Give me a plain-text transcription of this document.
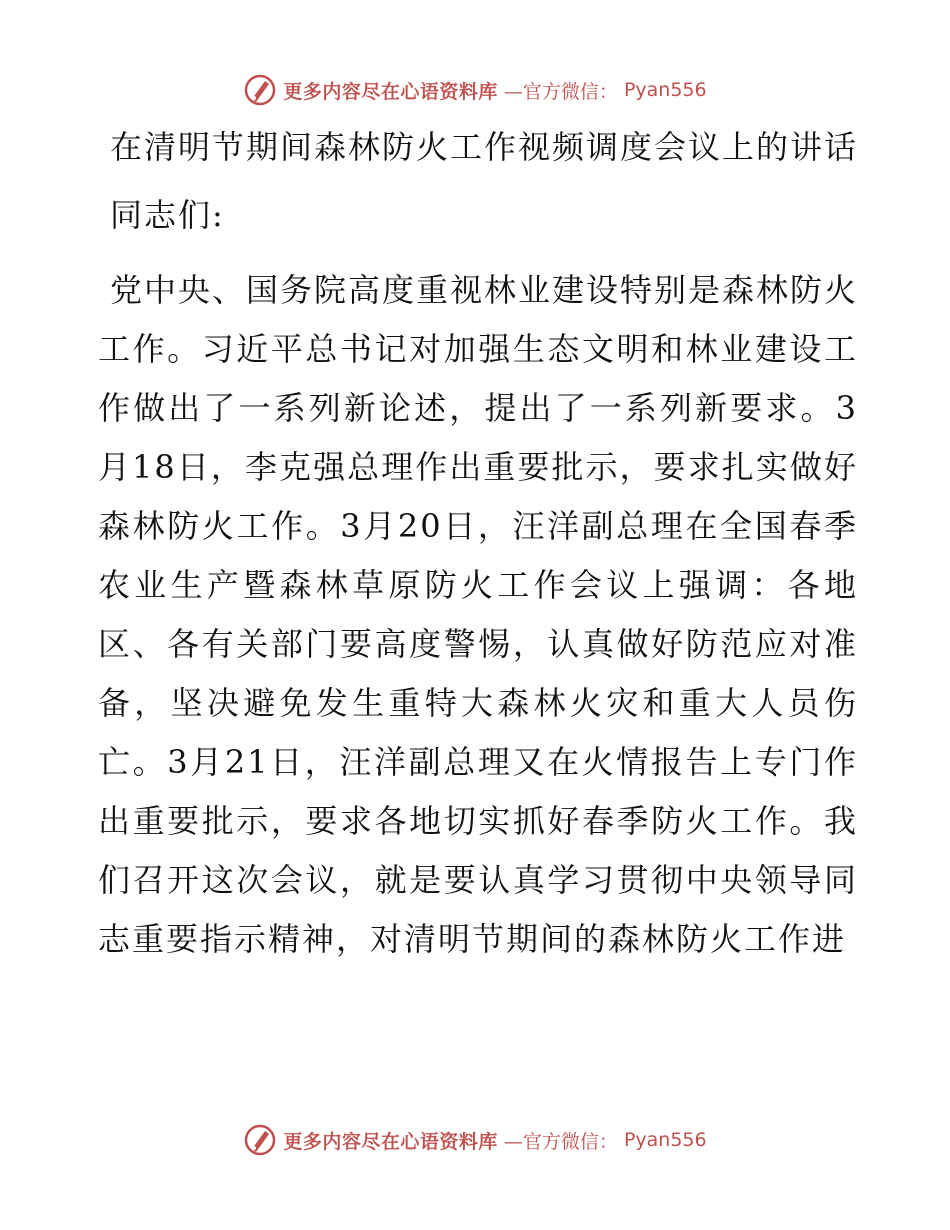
更多内容尽在心语资料库 —官方微信： Pyan556
在清明节期间森林防火工作视频调度会议上的讲话

同志们:

党中央、国务院高度重视林业建设特别是森林防火工作。习近平总书记对加强生态文明和林业建设工作做出了一系列新论述，提出了一系列新要求。3月18日，李克强总理作出重要批示，要求扎实做好森林防火工作。3月20日，汪洋副总理在全国春季农业生产暨森林草原防火工作会议上强调：各地区、各有关部门要高度警惕，认真做好防范应对准备，坚决避免发生重特大森林火灾和重大人员伤亡。3月21日，汪洋副总理又在火情报告上专门作出重要批示，要求各地切实抓好春季防火工作。我们召开这次会议，就是要认真学习贯彻中央领导同志重要指示精神，对清明节期间的森林防火工作进

更多内容尽在心语资料库 —官方微信： Pyan556
